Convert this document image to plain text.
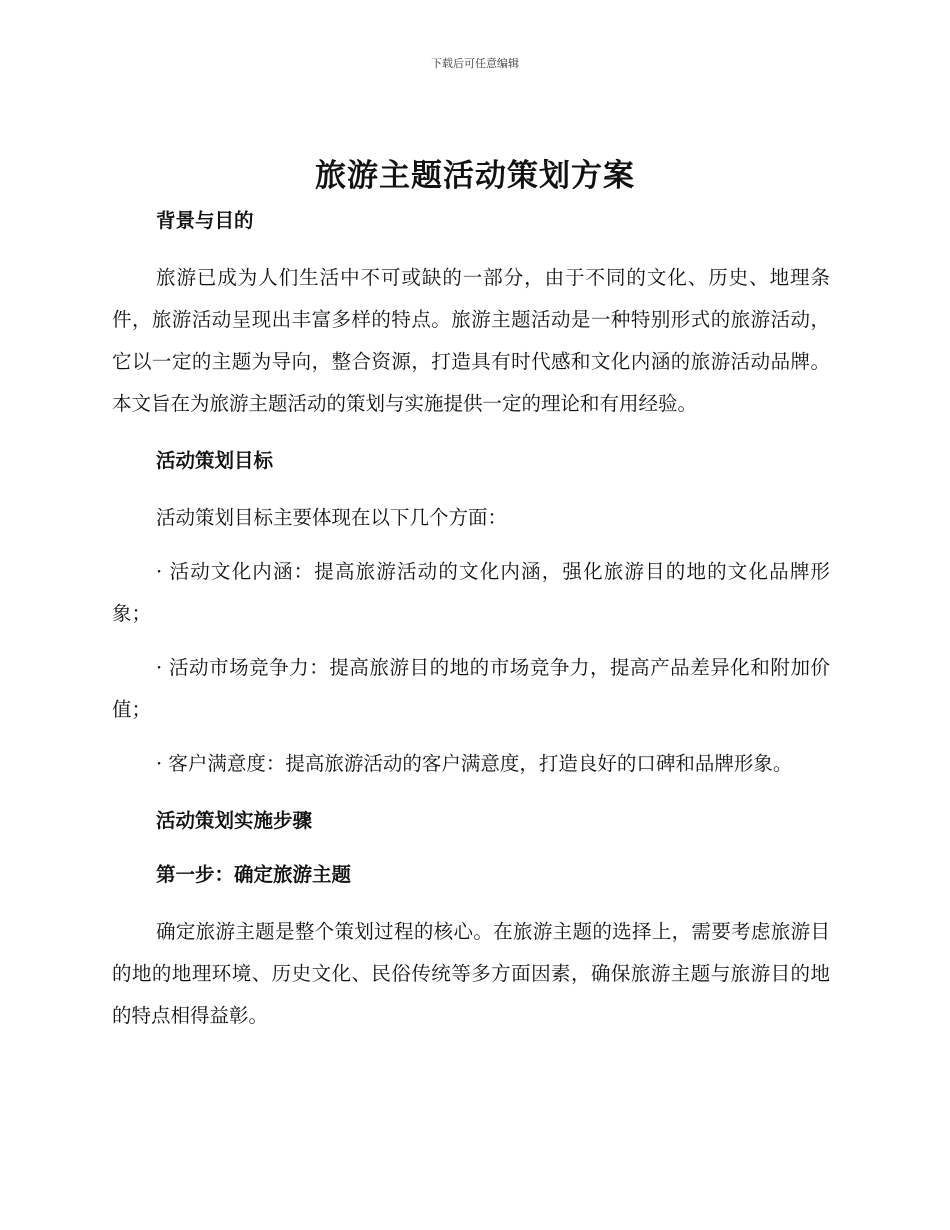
下载后可任意编辑
旅游主题活动策划方案

背景与目的

旅游已成为人们生活中不可或缺的一部分，由于不同的文化、历史、地理条件，旅游活动呈现出丰富多样的特点。旅游主题活动是一种特别形式的旅游活动，它以一定的主题为导向，整合资源，打造具有时代感和文化内涵的旅游活动品牌。本文旨在为旅游主题活动的策划与实施提供一定的理论和有用经验。

活动策划目标

活动策划目标主要体现在以下几个方面：

· 活动文化内涵：提高旅游活动的文化内涵，强化旅游目的地的文化品牌形象；

· 活动市场竞争力：提高旅游目的地的市场竞争力，提高产品差异化和附加价值；

· 客户满意度：提高旅游活动的客户满意度，打造良好的口碑和品牌形象。

活动策划实施步骤

第一步：确定旅游主题

确定旅游主题是整个策划过程的核心。在旅游主题的选择上，需要考虑旅游目的地的地理环境、历史文化、民俗传统等多方面因素，确保旅游主题与旅游目的地的特点相得益彰。
